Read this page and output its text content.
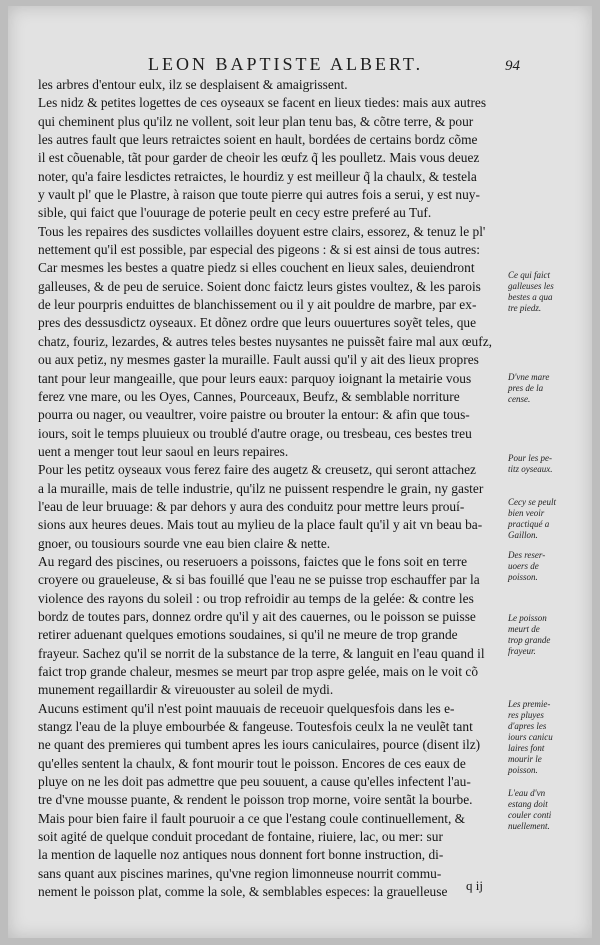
LEON BAPTISTE ALBERT.	94
les arbres d'entour eulx, ilz se desplaisent & amaigrissent.
Les nidz & petites logettes de ces oyseaux se facent en lieux tiedes: mais aux autres
qui cheminent plus qu'ilz ne vollent, soit leur plan tenu bas, & cõtre terre, & pour
les autres fault que leurs retraictes soient en hault, bordées de certains bordz cõme
il est cõuenable, tãt pour garder de cheoir les œufz q̃ les poulletz. Mais vous deuez
noter, qu'a faire lesdictes retraictes, le hourdiz y est meilleur q̃ la chaulx, & testela
y vault pl' que le Plastre, à raison que toute pierre qui autres fois a serui, y est nuy-
sible, qui faict que l'ouurage de poterie peult en cecy estre preferé au Tuf.
Tous les repaires des susdictes vollailles doyuent estre clairs, essorez, & tenuz le pl'
nettement qu'il est possible, par especial des pigeons : & si est ainsi de tous autres:
Car mesmes les bestes a quatre piedz si elles couchent en lieux sales, deuiendront
galleuses, & de peu de seruice. Soient donc faictz leurs gistes voultez, & les parois
de leur pourpris enduittes de blanchissement ou il y ait pouldre de marbre, par ex-
pres des dessusdictz oyseaux. Et dõnez ordre que leurs ouuertures soyẽt teles, que
chatz, fouriz, lezardes, & autres teles bestes nuysantes ne puissẽt faire mal aux œufz,
ou aux petiz, ny mesmes gaster la muraille. Fault aussi qu'il y ait des lieux propres
tant pour leur mangeaille, que pour leurs eaux: parquoy ioignant la metairie vous
ferez vne mare, ou les Oyes, Cannes, Pourceaux, Beufz, & semblable norriture
pourra ou nager, ou veaultrer, voire paistre ou brouter la entour: & afin que tous-
iours, soit le temps pluuieux ou troublé d'autre orage, ou tresbeau, ces bestes treu
uent a menger tout leur saoul en leurs repaires.
Pour les petitz oyseaux vous ferez faire des augetz & creusetz, qui seront attachez
a la muraille, mais de telle industrie, qu'ilz ne puissent respendre le grain, ny gaster
l'eau de leur bruuage: & par dehors y aura des conduitz pour mettre leurs prouí-
sions aux heures deues. Mais tout au mylieu de la place fault qu'il y ait vn beau ba-
gnoer, ou tousiours sourde vne eau bien claire & nette.
Au regard des piscines, ou reseruoers a poissons, faictes que le fons soit en terre
croyere ou graueleuse, & si bas fouillé que l'eau ne se puisse trop eschauffer par la
violence des rayons du soleil : ou trop refroidir au temps de la gelée: & contre les
bordz de toutes pars, donnez ordre qu'il y ait des cauernes, ou le poisson se puisse
retirer aduenant quelques emotions soudaines, si qu'il ne meure de trop grande
frayeur. Sachez qu'il se norrit de la substance de la terre, & languit en l'eau quand il
faict trop grande chaleur, mesmes se meurt par trop aspre gelée, mais on le voit cõ
munement regaillardir & vireuouster au soleil de mydi.
Aucuns estiment qu'il n'est point mauuais de receuoir quelquesfois dans les e-
stangz l'eau de la pluye embourbée & fangeuse. Toutesfois ceulx la ne veulẽt tant
ne quant des premieres qui tumbent apres les iours caniculaires, pource (disent ilz)
qu'elles sentent la chaulx, & font mourir tout le poisson. Encores de ces eaux de
pluye on ne les doit pas admettre que peu souuent, a cause qu'elles infectent l'au-
tre d'vne mousse puante, & rendent le poisson trop morne, voire sentãt la bourbe.
Mais pour bien faire il fault pouruoir a ce que l'estang coule continuellement, &
soit agité de quelque conduit procedant de fontaine, riuiere, lac, ou mer: sur
la mention de laquelle noz antiques nous donnent fort bonne instruction, di-
sans quant aux piscines marines, qu'vne region limonneuse nourrit commu-
nement le poisson plat, comme la sole, & semblables especes: la grauelleuse
Ce qui faict
galleuses les
bestes a qua
tre piedz.
D'vne mare
pres de la
cense.
Pour les pe-
titz oyseaux.
Cecy se peult
bien veoir
practiqué a
Gaillon.
Des reser-
uoers de
poisson.
Le poisson
meurt de
trop grande
frayeur.
Les premie-
res pluyes
d'apres les
iours canicu
laires font
mourir le
poisson.
L'eau d'vn
estang doit
couler conti
nuellement.
q ij
